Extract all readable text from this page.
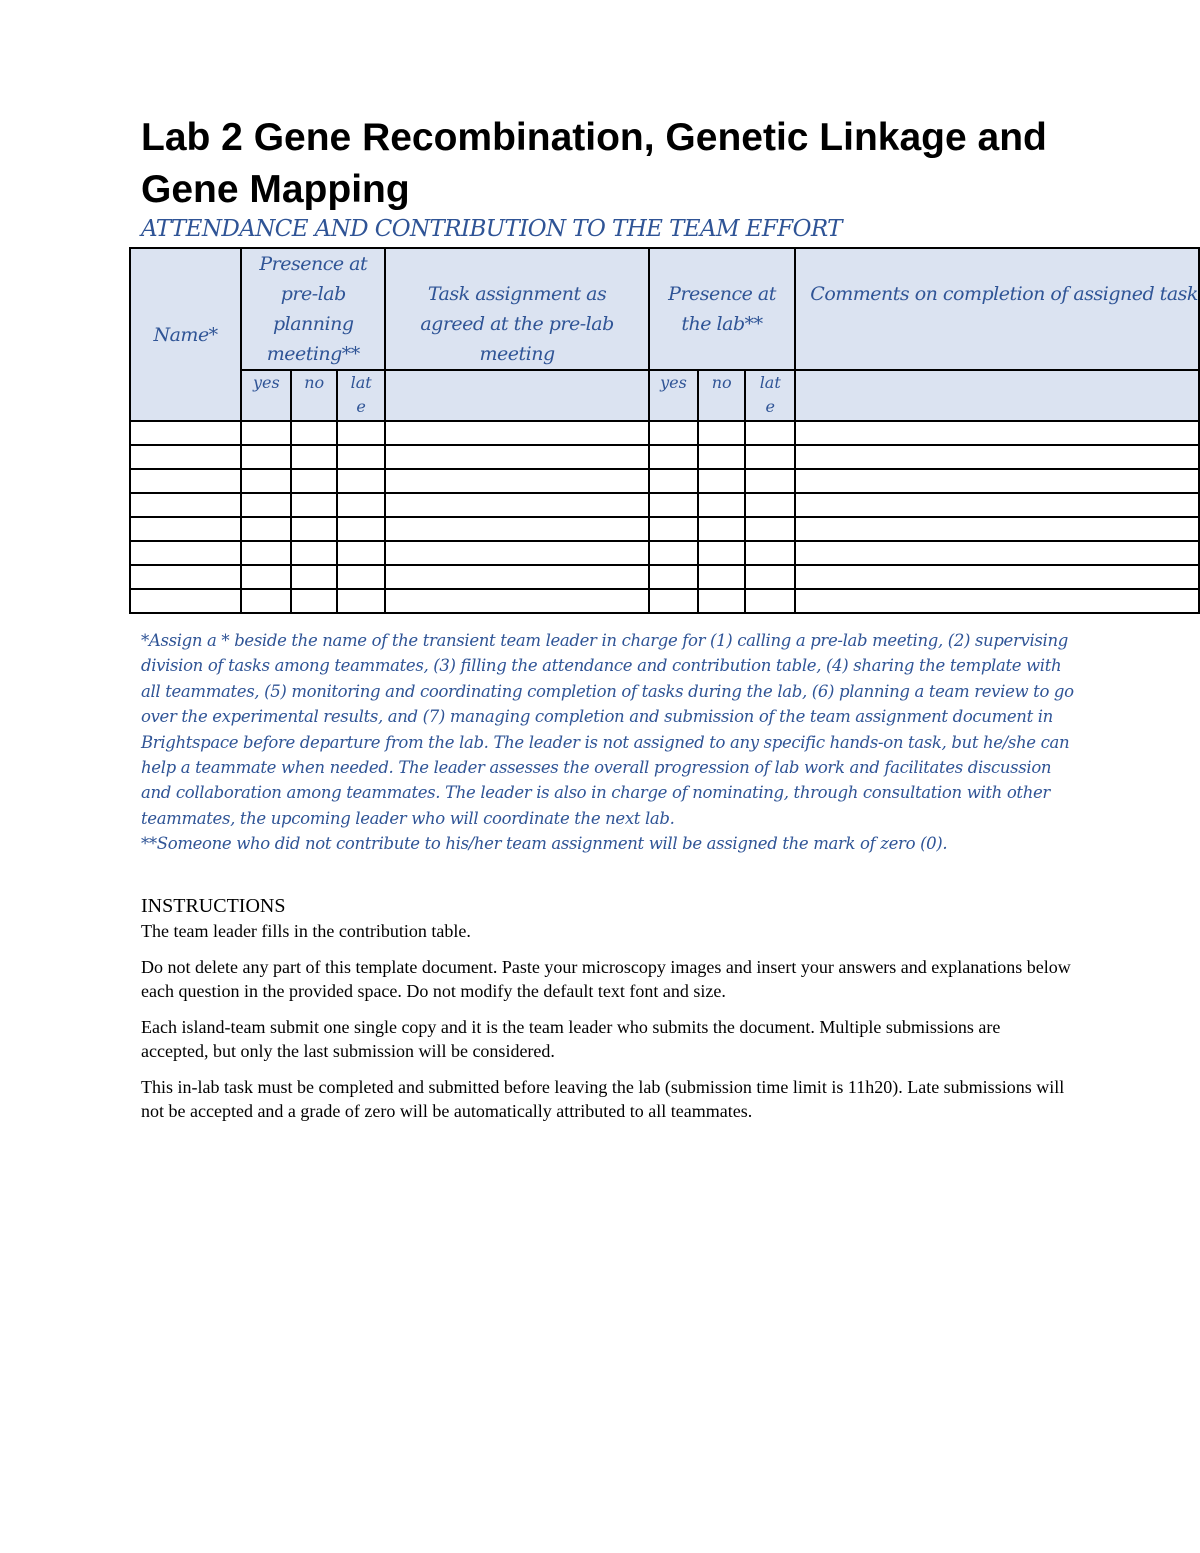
Lab 2 Gene Recombination, Genetic Linkage and Gene Mapping
ATTENDANCE AND CONTRIBUTION TO THE TEAM EFFORT
Name*	Presence at pre-lab planning meeting**			Task assignment as agreed at the pre-lab meeting	Presence at the lab**			Comments on completion of assigned task
	yes	no	late		yes	no	late	

*Assign a * beside the name of the transient team leader in charge for (1) calling a pre-lab meeting, (2) supervising division of tasks among teammates, (3) filling the attendance and contribution table, (4) sharing the template with all teammates, (5) monitoring and coordinating completion of tasks during the lab, (6) planning a team review to go over the experimental results, and (7) managing completion and submission of the team assignment document in Brightspace before departure from the lab. The leader is not assigned to any specific hands-on task, but he/she can help a teammate when needed. The leader assesses the overall progression of lab work and facilitates discussion and collaboration among teammates. The leader is also in charge of nominating, through consultation with other teammates, the upcoming leader who will coordinate the next lab.

**Someone who did not contribute to his/her team assignment will be assigned the mark of zero (0).

INSTRUCTIONS

The team leader fills in the contribution table.

Do not delete any part of this template document. Paste your microscopy images and insert your answers and explanations below each question in the provided space. Do not modify the default text font and size.

Each island-team submit one single copy and it is the team leader who submits the document. Multiple submissions are accepted, but only the last submission will be considered.

This in-lab task must be completed and submitted before leaving the lab (submission time limit is 11h20). Late submissions will not be accepted and a grade of zero will be automatically attributed to all teammates.
